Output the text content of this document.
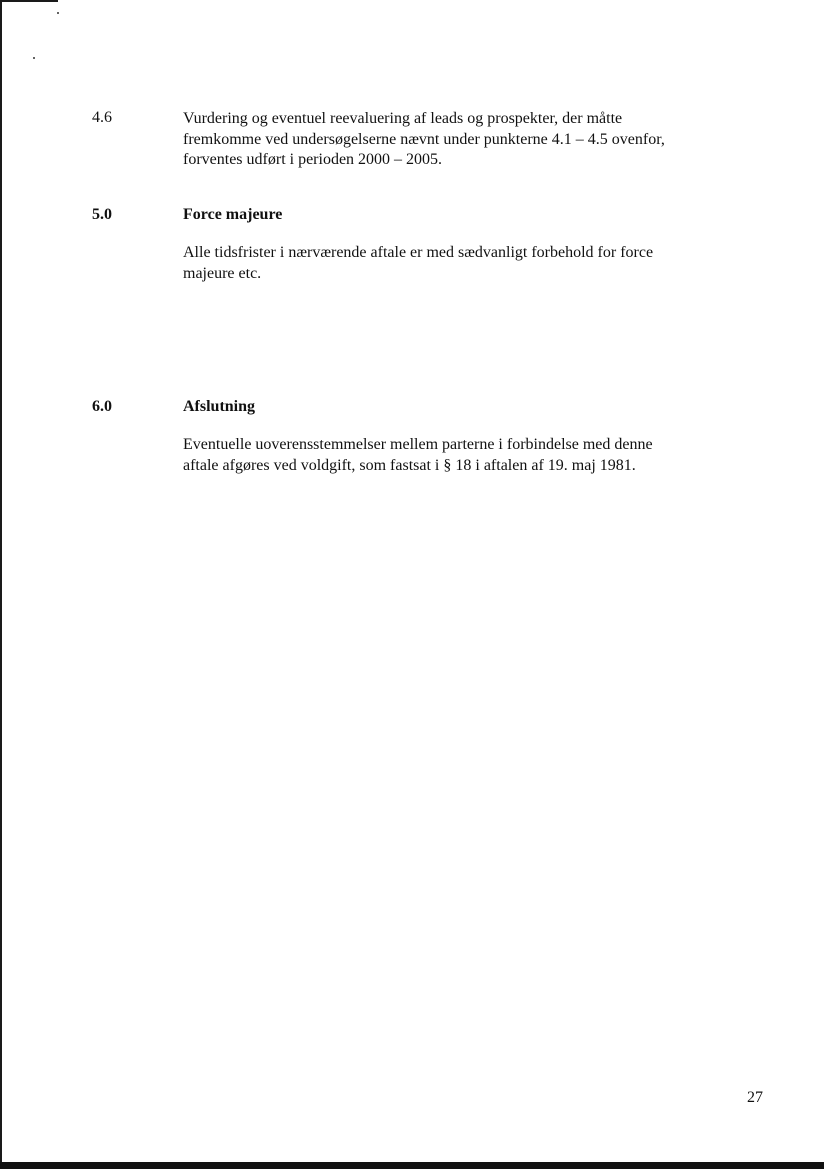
4.6	Vurdering og eventuel reevaluering af leads og prospekter, der måtte
fremkomme ved undersøgelserne nævnt under punkterne 4.1 – 4.5 ovenfor,
forventes udført i perioden 2000 – 2005.
5.0	Force majeure
Alle tidsfrister i nærværende aftale er med sædvanligt forbehold for force
majeure etc.
6.0	Afslutning
Eventuelle uoverensstemmelser mellem parterne i forbindelse med denne
aftale afgøres ved voldgift, som fastsat i § 18 i aftalen af 19. maj 1981.
27
